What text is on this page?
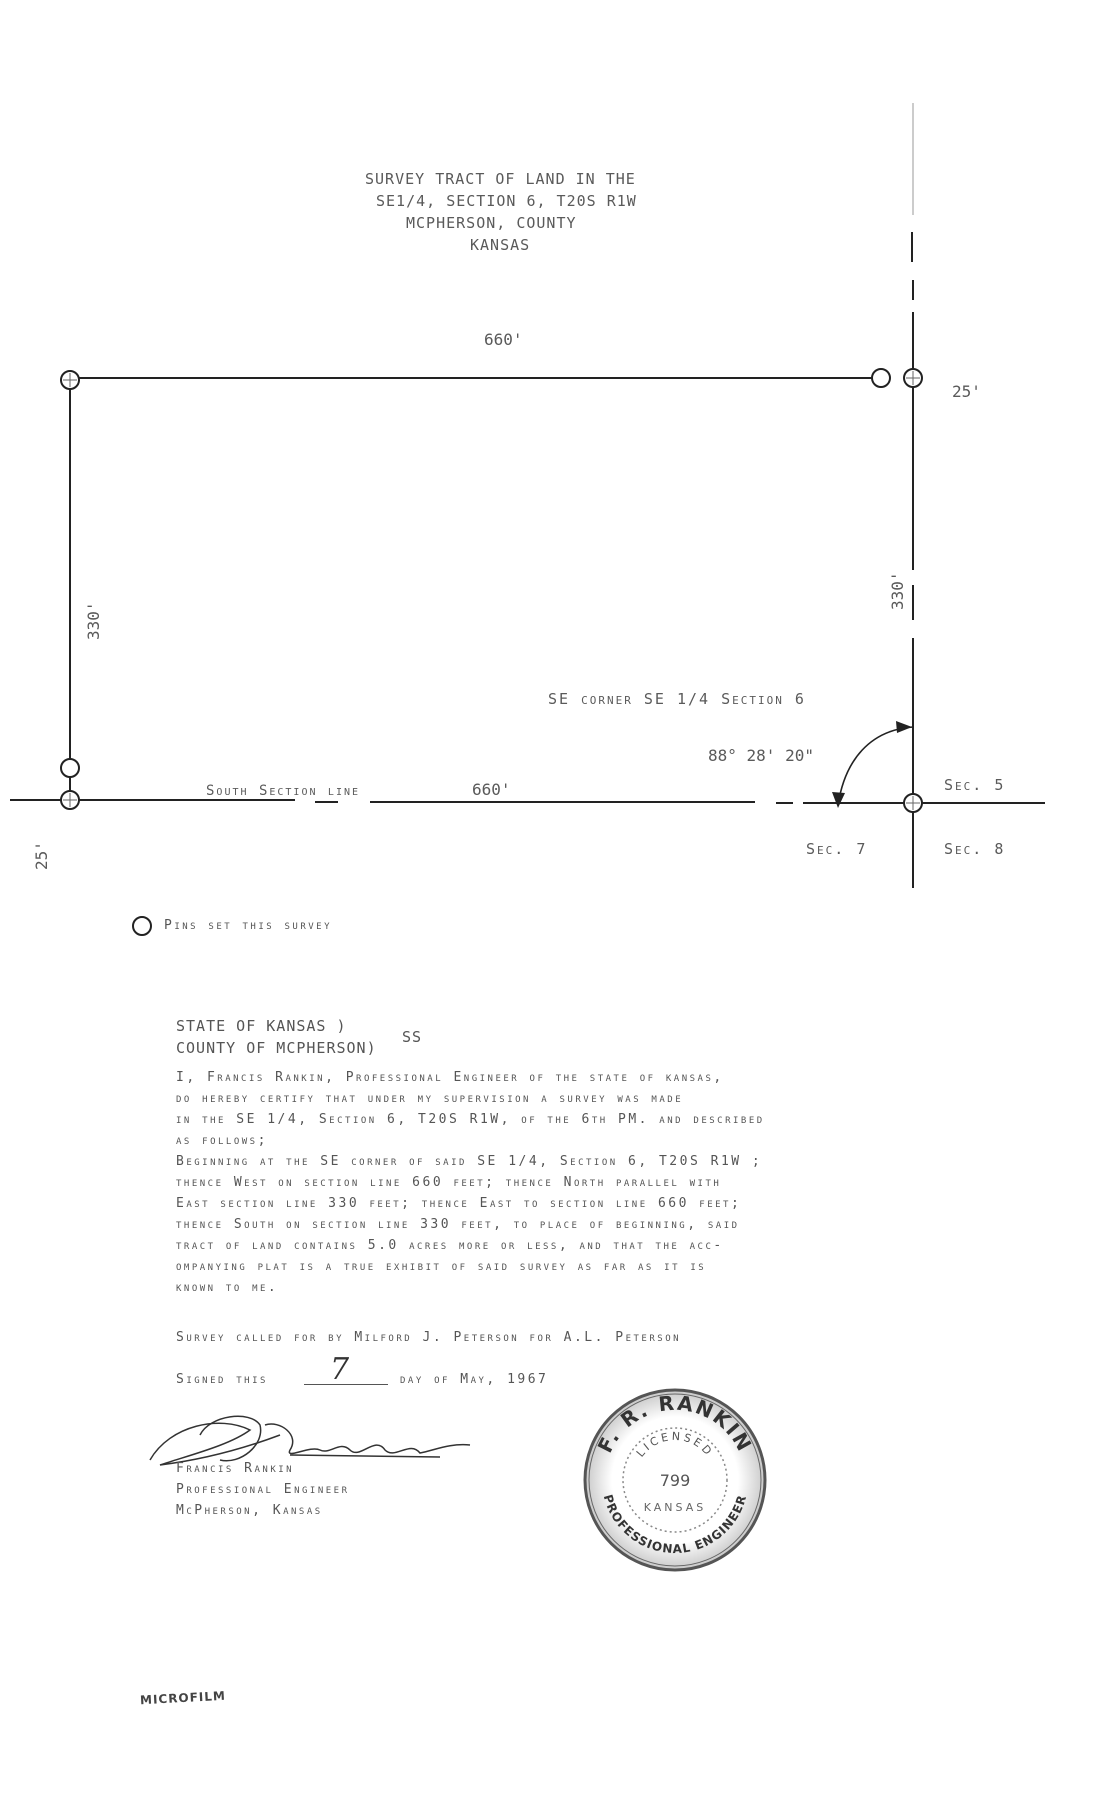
SURVEY TRACT OF LAND IN THE
SE1/4, SECTION 6, T20S R1W
MCPHERSON, COUNTY
KANSAS
660'
25'
330'
330'
SE corner SE 1/4 Section 6
88° 28' 20"
South Section line	660'	Sec. 5
Sec. 7	Sec. 8
25'
Pins set this survey
STATE OF KANSAS )
COUNTY OF MCPHERSON)
SS
I, Francis Rankin, Professional Engineer of the state of kansas,
do hereby certify that under my supervision a survey was made
in the SE 1/4, Section 6, T20S R1W, of the 6th PM. and described
as follows;
Beginning at the SE corner of said SE 1/4, Section 6, T20S R1W ;
thence West on section line 660 feet; thence North parallel with
East section line 330 feet; thence East to section line 660 feet;
thence South on section line 330 feet, to place of beginning, said
tract of land contains 5.0 acres more or less, and that the acc-
ompanying plat is a true exhibit of said survey as far as it is
known to me.
Survey called for by Milford J. Peterson for A.L. Peterson
Signed this 7	day of May, 1967
Francis Rankin
Professional Engineer
McPherson, Kansas
F. R. RANKIN
LICENSED
799
KANSAS
PROFESSIONAL ENGINEER
MICROFILM
